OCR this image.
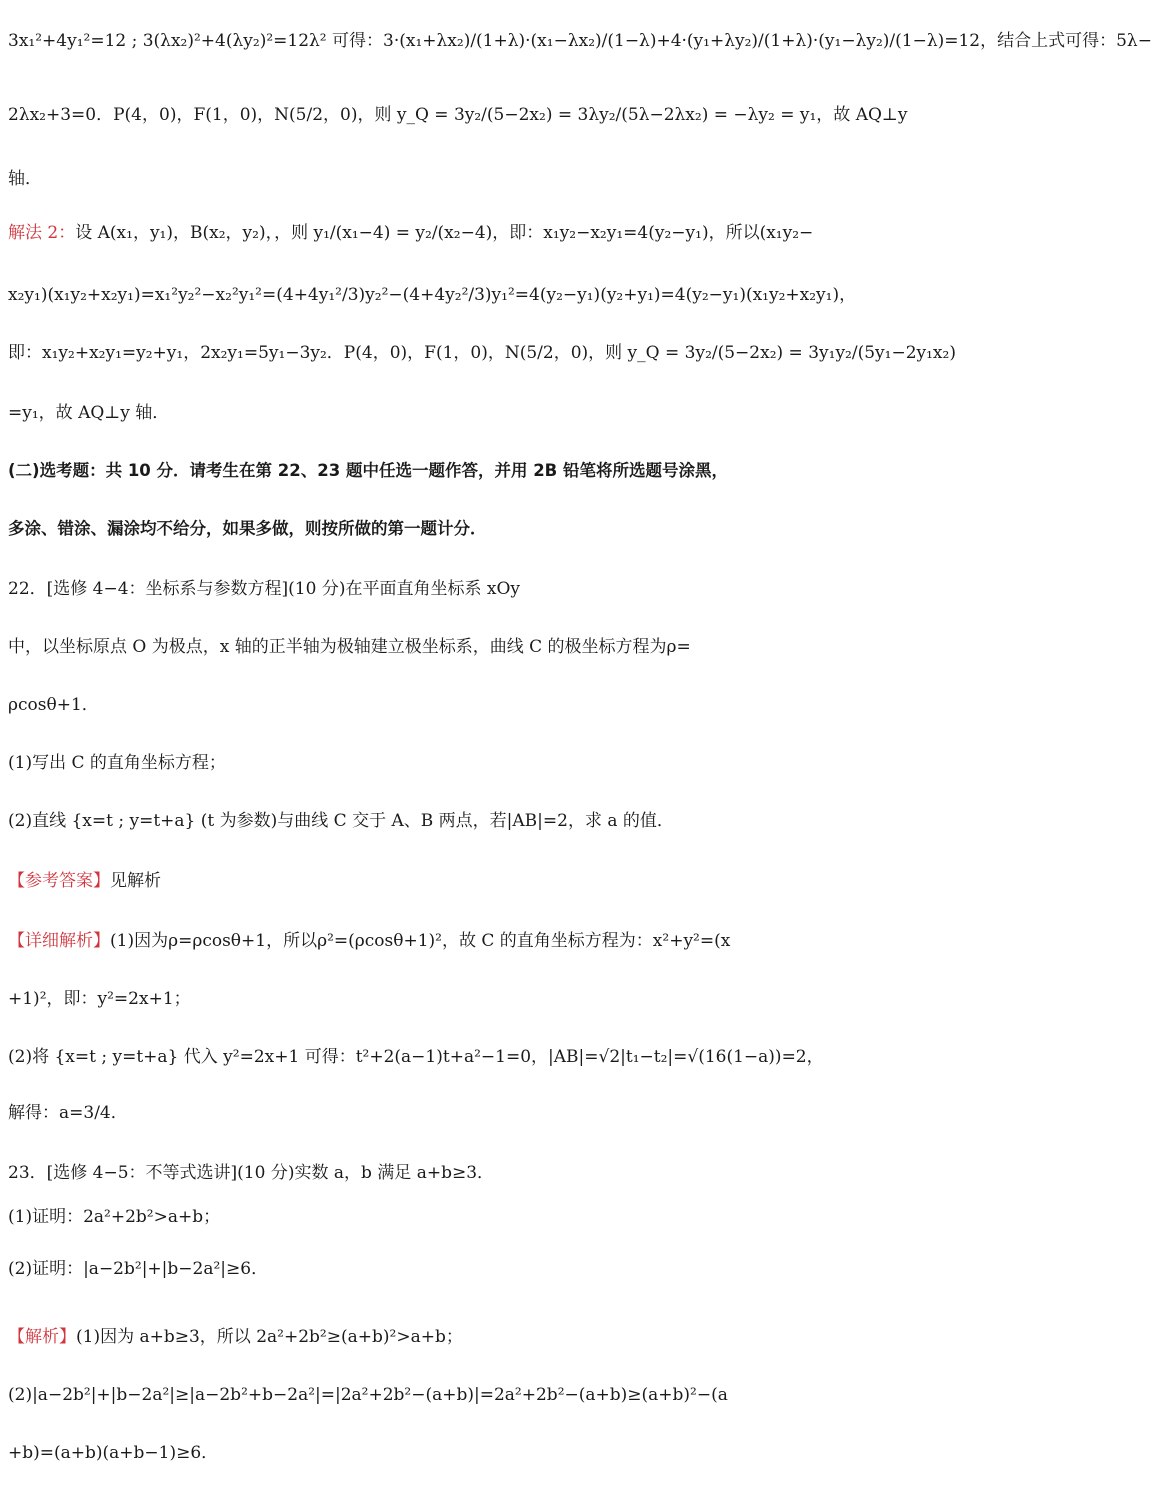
3x₁²+4y₁²=12 ; 3(λx₂)²+4(λy₂)²=12λ² 可得：3·(x₁+λx₂)/(1+λ)·(x₁−λx₂)/(1−λ)+4·(y₁+λy₂)/(1+λ)·(y₁−λy₂)/(1−λ)=12，结合上式可得：5λ−
2λx₂+3=0．P(4，0)，F(1，0)，N(5/2，0)，则 y_Q = 3y₂/(5−2x₂) = 3λy₂/(5λ−2λx₂) = −λy₂ = y₁，故 AQ⊥y
轴．
解法 2：设 A(x₁，y₁)，B(x₂，y₂)，，则 y₁/(x₁−4) = y₂/(x₂−4)，即：x₁y₂−x₂y₁=4(y₂−y₁)，所以(x₁y₂−
x₂y₁)(x₁y₂+x₂y₁)=x₁²y₂²−x₂²y₁²=(4+4y₁²/3)y₂²−(4+4y₂²/3)y₁²=4(y₂−y₁)(y₂+y₁)=4(y₂−y₁)(x₁y₂+x₂y₁)，
即：x₁y₂+x₂y₁=y₂+y₁，2x₂y₁=5y₁−3y₂．P(4，0)，F(1，0)，N(5/2，0)，则 y_Q = 3y₂/(5−2x₂) = 3y₁y₂/(5y₁−2y₁x₂)
=y₁，故 AQ⊥y 轴．
(二)选考题：共 10 分．请考生在第 22、23 题中任选一题作答，并用 2B 铅笔将所选题号涂黑，
多涂、错涂、漏涂均不给分，如果多做，则按所做的第一题计分．
22．[选修 4−4：坐标系与参数方程](10 分)在平面直角坐标系 xOy
中，以坐标原点 O 为极点，x 轴的正半轴为极轴建立极坐标系，曲线 C 的极坐标方程为ρ=
ρcosθ+1．
(1)写出 C 的直角坐标方程；
(2)直线 {x=t ; y=t+a} (t 为参数)与曲线 C 交于 A、B 两点，若|AB|=2，求 a 的值．
【参考答案】见解析
【详细解析】(1)因为ρ=ρcosθ+1，所以ρ²=(ρcosθ+1)²，故 C 的直角坐标方程为：x²+y²=(x
+1)²，即：y²=2x+1；
(2)将 {x=t ; y=t+a} 代入 y²=2x+1 可得：t²+2(a−1)t+a²−1=0，|AB|=√2|t₁−t₂|=√(16(1−a))=2，
解得：a=3/4．
23．[选修 4−5：不等式选讲](10 分)实数 a，b 满足 a+b≥3．
(1)证明：2a²+2b²>a+b；
(2)证明：|a−2b²|+|b−2a²|≥6．
【解析】(1)因为 a+b≥3，所以 2a²+2b²≥(a+b)²>a+b；
(2)|a−2b²|+|b−2a²|≥|a−2b²+b−2a²|=|2a²+2b²−(a+b)|=2a²+2b²−(a+b)≥(a+b)²−(a
+b)=(a+b)(a+b−1)≥6．
